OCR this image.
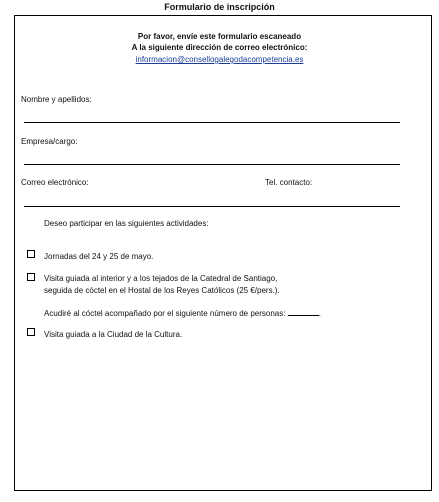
Formulario de inscripción
Por favor, envíe este formulario escaneado
A la siguiente dirección de correo electrónico:
informacion@consellogalegodacompetencia.es
Nombre y apellidos:
Empresa/cargo:
Correo electrónico:	Tel. contacto:
Deseo participar en las siguientes actividades:
Jornadas del 24 y 25 de mayo.
Visita guiada al interior y a los tejados de la Catedral de Santiago,
seguida de cóctel en el Hostal de los Reyes Católicos (25 €/pers.).
Acudiré al cóctel acompañado por el siguiente número de personas:	.
Visita guiada a la Ciudad de la Cultura.
